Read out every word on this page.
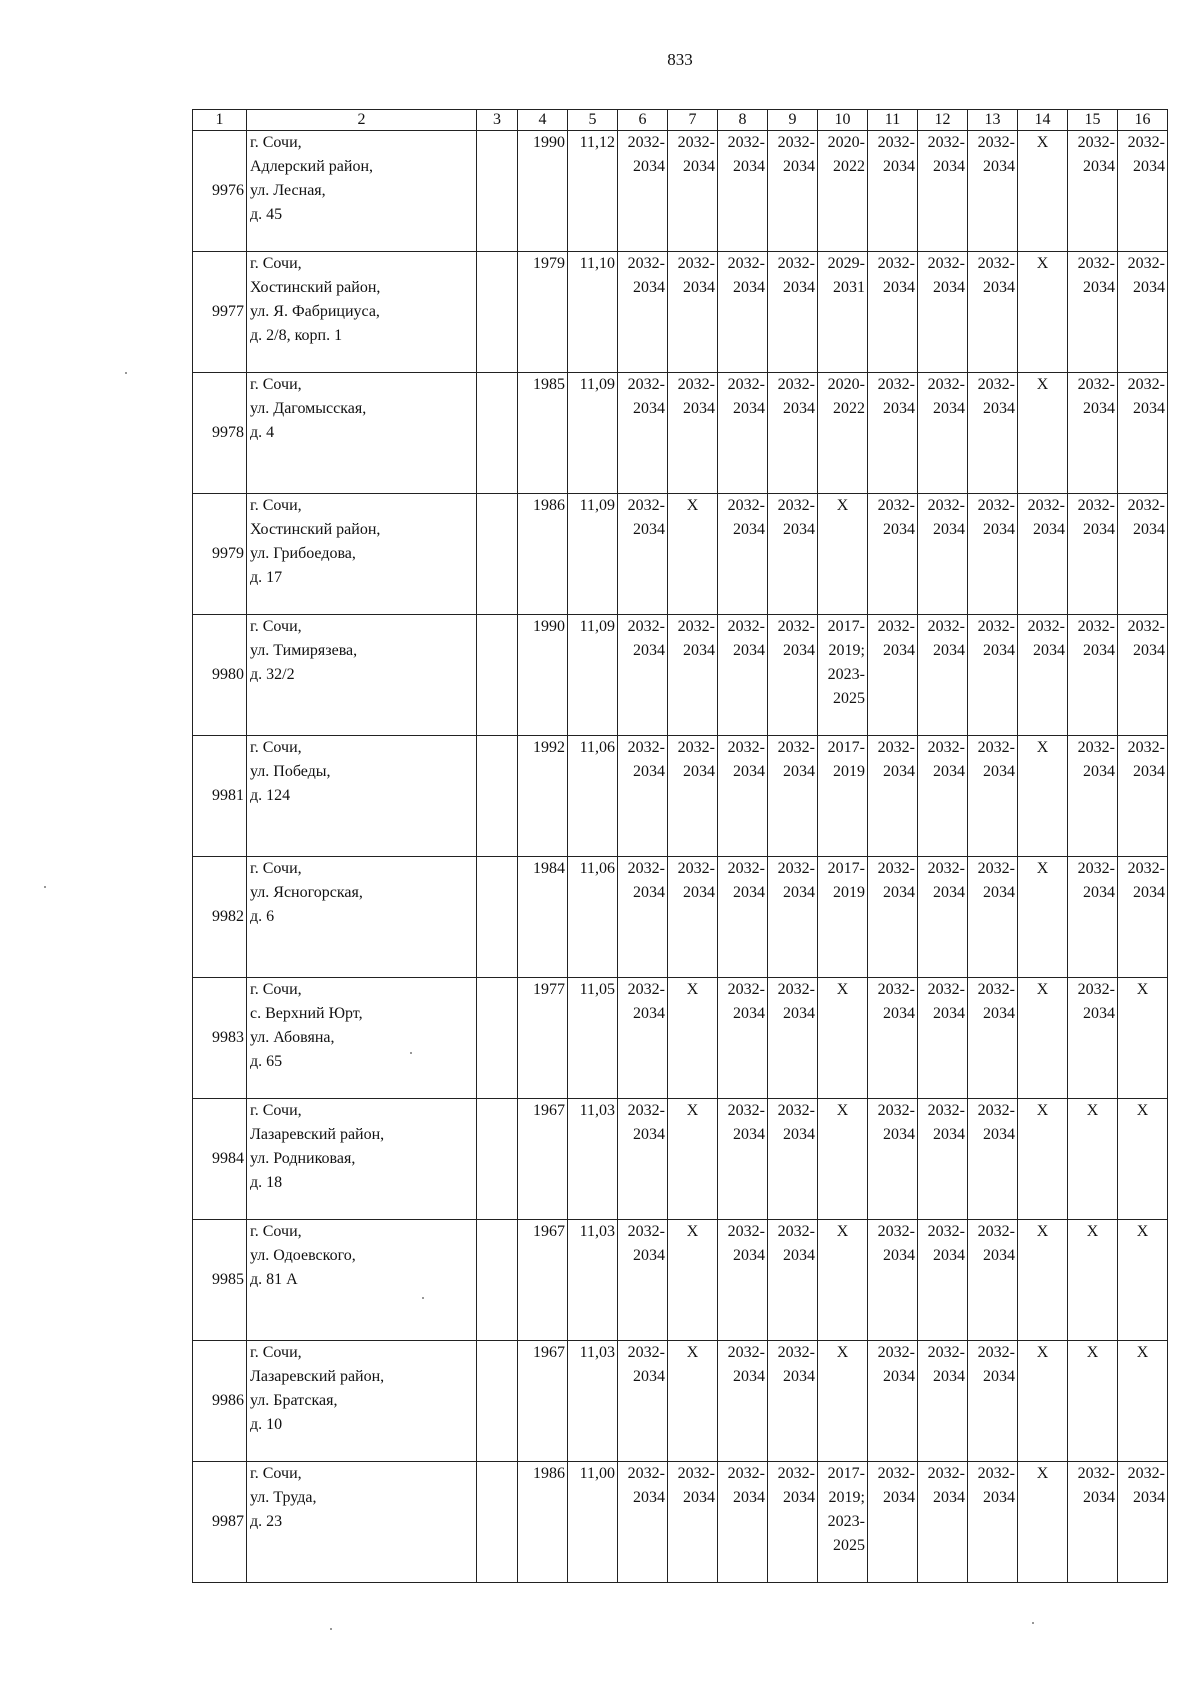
833
1	2	3	4	5	6	7	8	9	10	11	12	13	14	15	16
9976	г. Сочи,
Адлерский район,
ул. Лесная,
д. 45		1990	11,12	2032-
2034	2032-
2034	2032-
2034	2032-
2034	2020-
2022	2032-
2034	2032-
2034	2032-
2034	Х	2032-
2034	2032-
2034

9977	г. Сочи,
Хостинский район,
ул. Я. Фабрициуса,
д. 2/8, корп. 1		1979	11,10	2032-
2034	2032-
2034	2032-
2034	2032-
2034	2029-
2031	2032-
2034	2032-
2034	2032-
2034	Х	2032-
2034	2032-
2034

9978	г. Сочи,
ул. Дагомысская,
д. 4		1985	11,09	2032-
2034	2032-
2034	2032-
2034	2032-
2034	2020-
2022	2032-
2034	2032-
2034	2032-
2034	Х	2032-
2034	2032-
2034

9979	г. Сочи,
Хостинский район,
ул. Грибоедова,
д. 17		1986	11,09	2032-
2034	Х	2032-
2034	2032-
2034	Х	2032-
2034	2032-
2034	2032-
2034	2032-
2034	2032-
2034	2032-
2034

9980	г. Сочи,
ул. Тимирязева,
д. 32/2		1990	11,09	2032-
2034	2032-
2034	2032-
2034	2032-
2034	2017-
2019;
2023-
2025	2032-
2034	2032-
2034	2032-
2034	2032-
2034	2032-
2034	2032-
2034

9981	г. Сочи,
ул. Победы,
д. 124		1992	11,06	2032-
2034	2032-
2034	2032-
2034	2032-
2034	2017-
2019	2032-
2034	2032-
2034	2032-
2034	Х	2032-
2034	2032-
2034

9982	г. Сочи,
ул. Ясногорская,
д. 6		1984	11,06	2032-
2034	2032-
2034	2032-
2034	2032-
2034	2017-
2019	2032-
2034	2032-
2034	2032-
2034	Х	2032-
2034	2032-
2034

9983	г. Сочи,
с. Верхний Юрт,
ул. Абовяна,
д. 65		1977	11,05	2032-
2034	Х	2032-
2034	2032-
2034	Х	2032-
2034	2032-
2034	2032-
2034	Х	2032-
2034	Х

9984	г. Сочи,
Лазаревский район,
ул. Родниковая,
д. 18		1967	11,03	2032-
2034	Х	2032-
2034	2032-
2034	Х	2032-
2034	2032-
2034	2032-
2034	Х	Х	Х

9985	г. Сочи,
ул. Одоевского,
д. 81 А		1967	11,03	2032-
2034	Х	2032-
2034	2032-
2034	Х	2032-
2034	2032-
2034	2032-
2034	Х	Х	Х

9986	г. Сочи,
Лазаревский район,
ул. Братская,
д. 10		1967	11,03	2032-
2034	Х	2032-
2034	2032-
2034	Х	2032-
2034	2032-
2034	2032-
2034	Х	Х	Х

9987	г. Сочи,
ул. Труда,
д. 23		1986	11,00	2032-
2034	2032-
2034	2032-
2034	2032-
2034	2017-
2019;
2023-
2025	2032-
2034	2032-
2034	2032-
2034	Х	2032-
2034	2032-
2034
